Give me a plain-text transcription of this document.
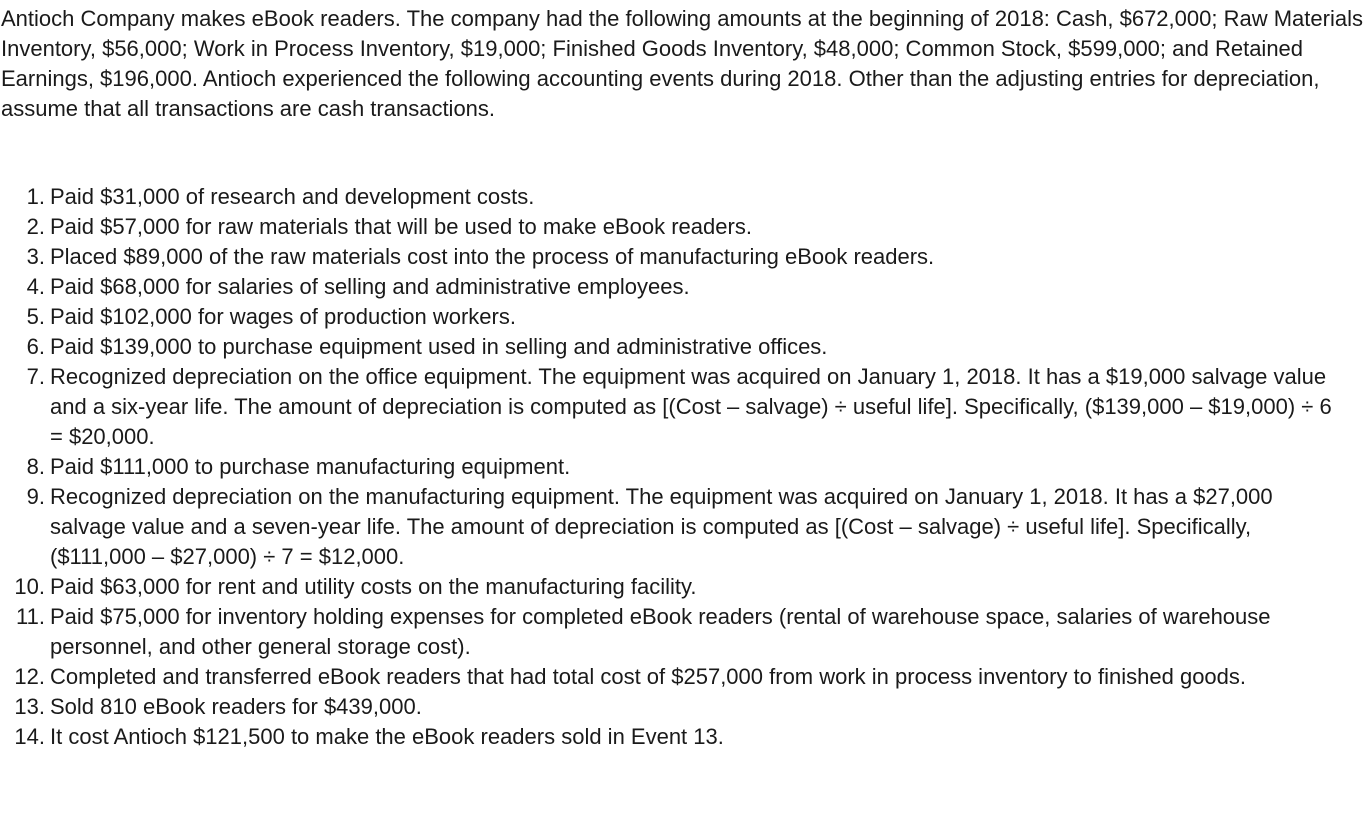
Antioch Company makes eBook readers. The company had the following amounts at the beginning of 2018: Cash, $672,000; Raw Materials Inventory, $56,000; Work in Process Inventory, $19,000; Finished Goods Inventory, $48,000; Common Stock, $599,000; and Retained Earnings, $196,000. Antioch experienced the following accounting events during 2018. Other than the adjusting entries for depreciation, assume that all transactions are cash transactions.

1. Paid $31,000 of research and development costs.
2. Paid $57,000 for raw materials that will be used to make eBook readers.
3. Placed $89,000 of the raw materials cost into the process of manufacturing eBook readers.
4. Paid $68,000 for salaries of selling and administrative employees.
5. Paid $102,000 for wages of production workers.
6. Paid $139,000 to purchase equipment used in selling and administrative offices.
7. Recognized depreciation on the office equipment. The equipment was acquired on January 1, 2018. It has a $19,000 salvage value and a six-year life. The amount of depreciation is computed as [(Cost – salvage) ÷ useful life]. Specifically, ($139,000 – $19,000) ÷ 6 = $20,000.
8. Paid $111,000 to purchase manufacturing equipment.
9. Recognized depreciation on the manufacturing equipment. The equipment was acquired on January 1, 2018. It has a $27,000 salvage value and a seven-year life. The amount of depreciation is computed as [(Cost – salvage) ÷ useful life]. Specifically, ($111,000 – $27,000) ÷ 7 = $12,000.
10. Paid $63,000 for rent and utility costs on the manufacturing facility.
11. Paid $75,000 for inventory holding expenses for completed eBook readers (rental of warehouse space, salaries of warehouse personnel, and other general storage cost).
12. Completed and transferred eBook readers that had total cost of $257,000 from work in process inventory to finished goods.
13. Sold 810 eBook readers for $439,000.
14. It cost Antioch $121,500 to make the eBook readers sold in Event 13.
